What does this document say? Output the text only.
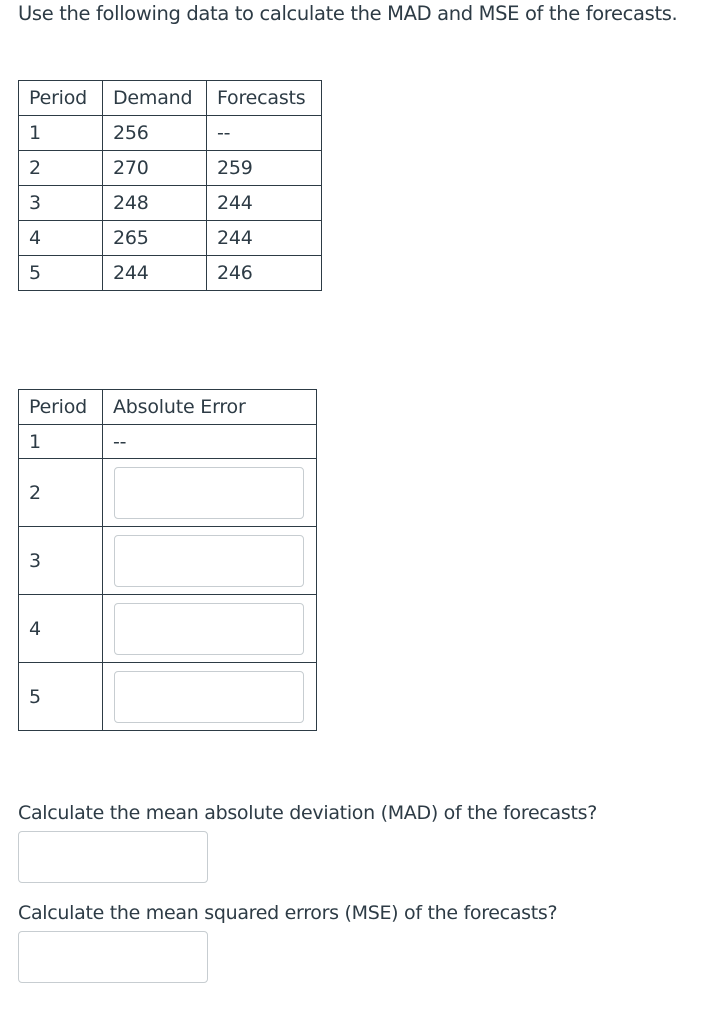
Use the following data to calculate the MAD and MSE of the forecasts.
Period	Demand	Forecasts
1	256	--
2	270	259
3	248	244
4	265	244
5	244	246
Period	Absolute Error
1	--
2	

3	

4	

5	
Calculate the mean absolute deviation (MAD) of the forecasts?
Calculate the mean squared errors (MSE) of the forecasts?
